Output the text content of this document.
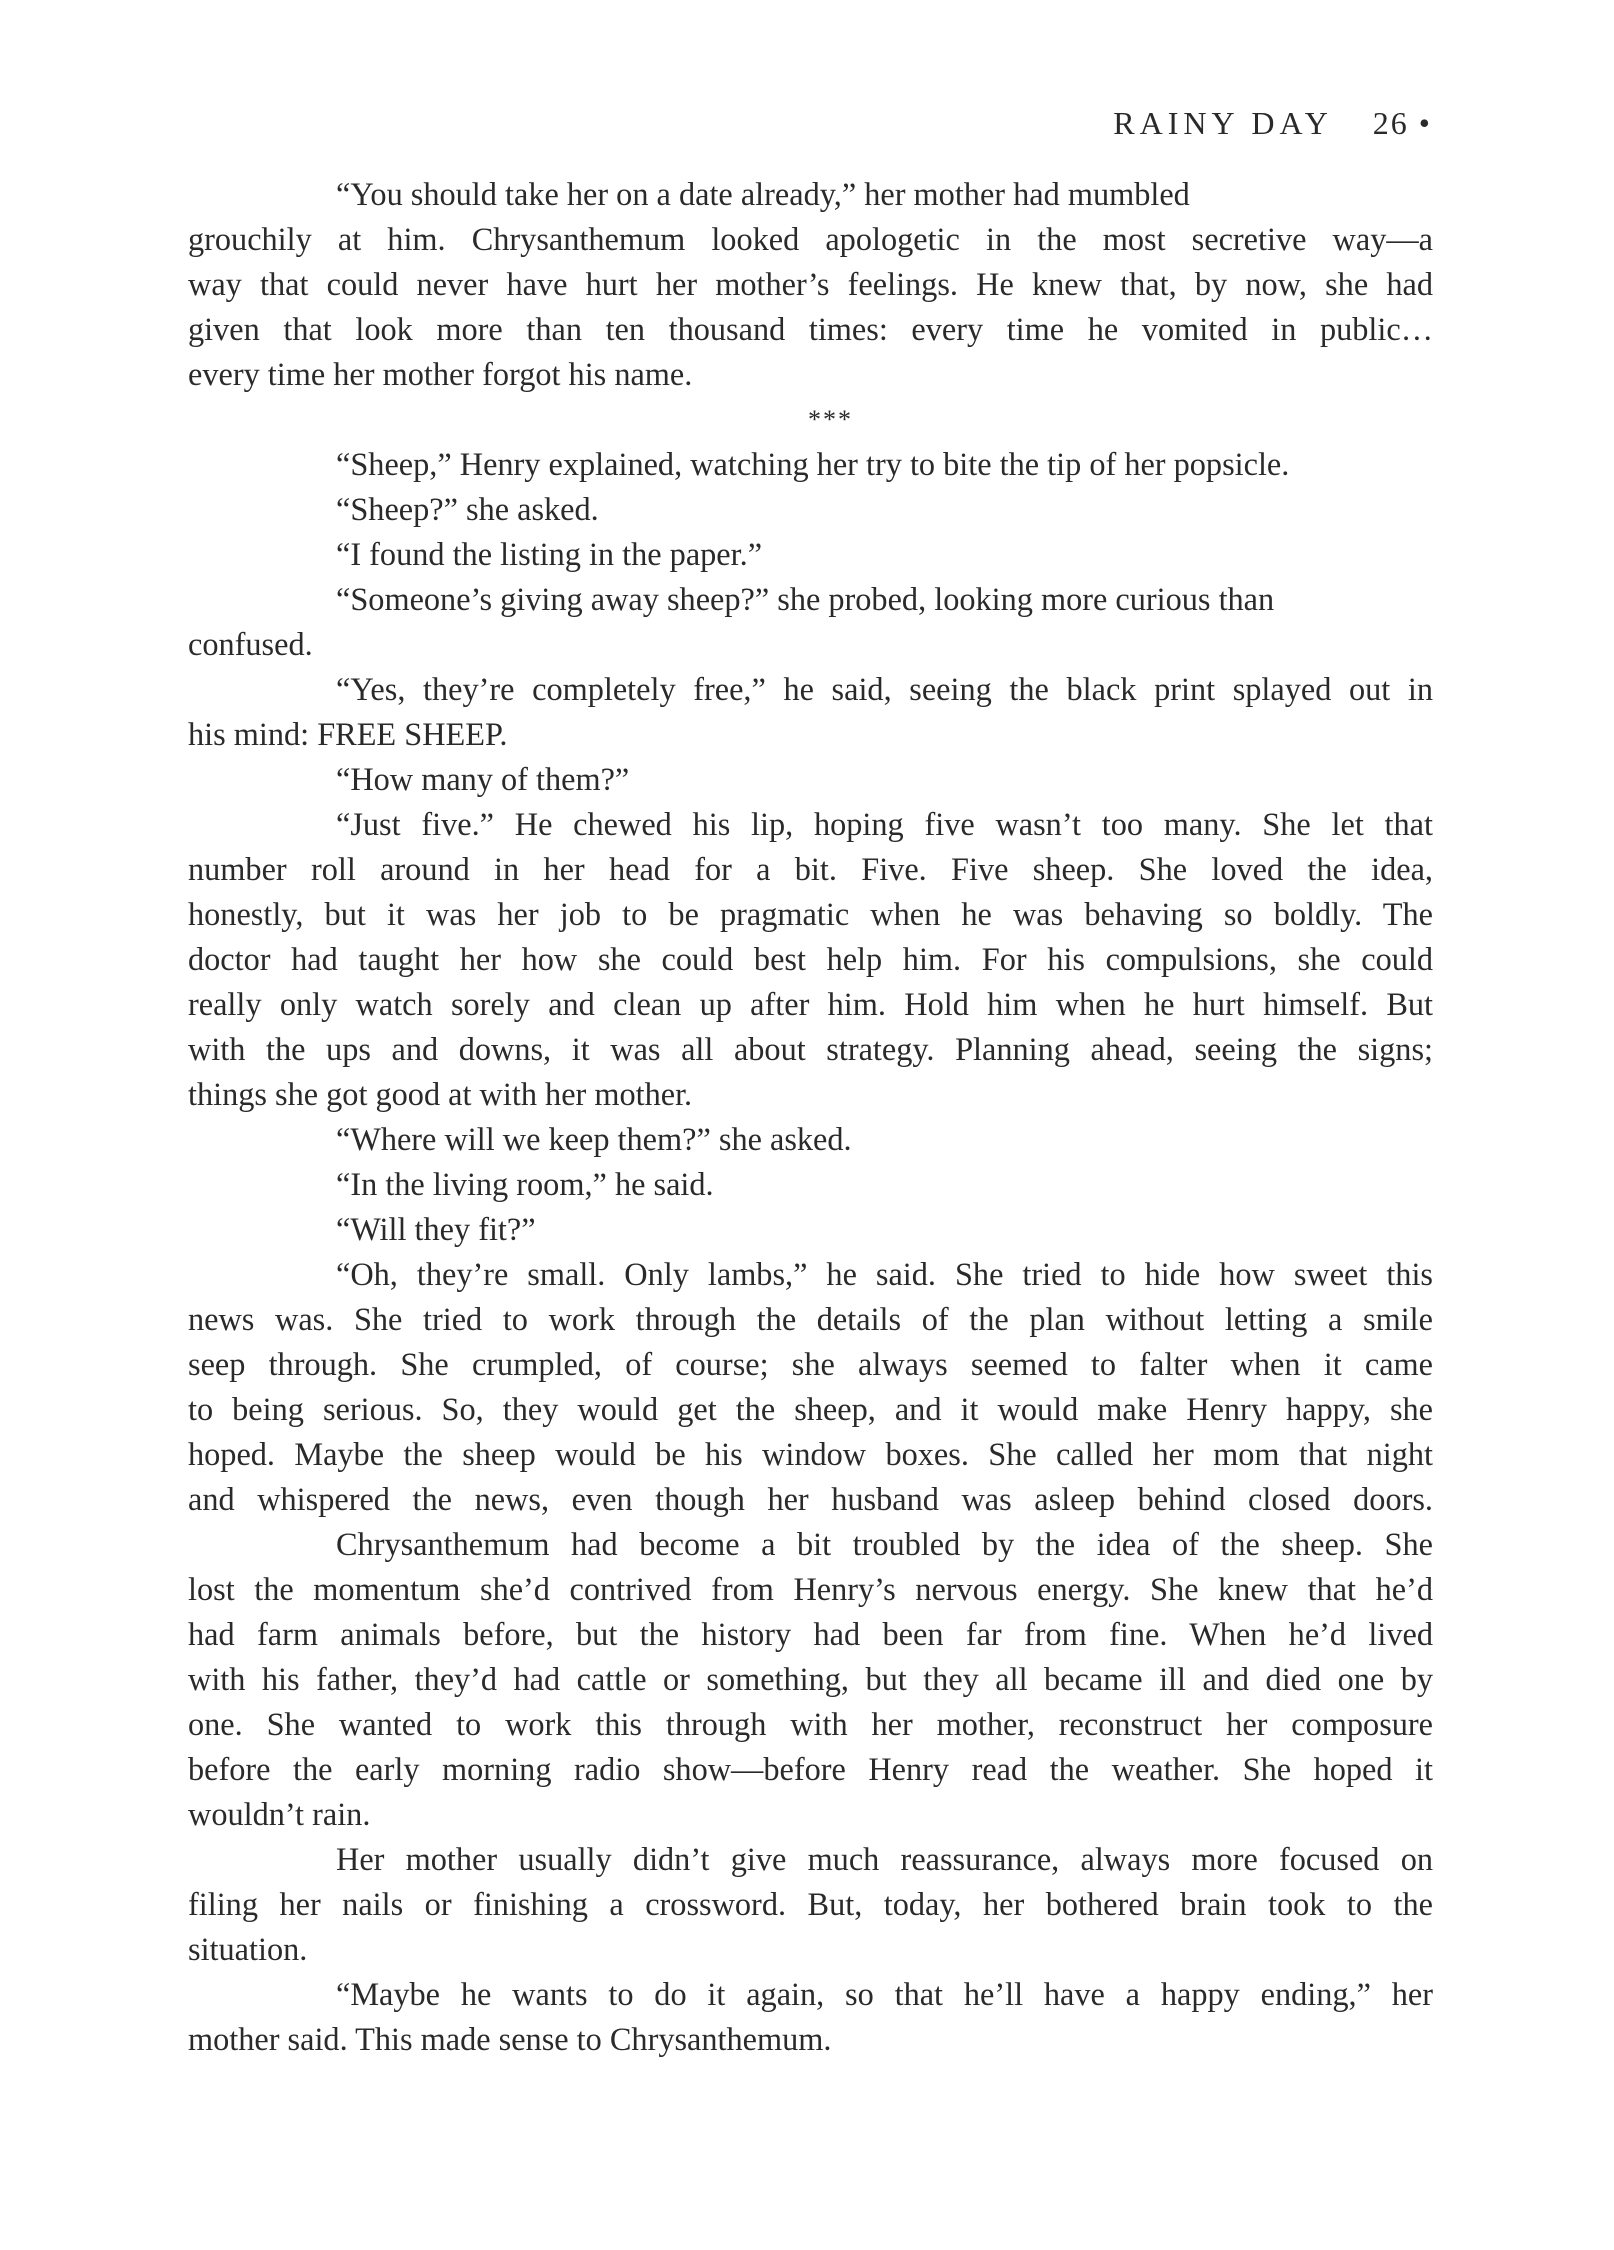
RAINY DAY 26 •
“You should take her on a date already,” her mother had mumbled
grouchily at him. Chrysanthemum looked apologetic in the most secretive way—a
way that could never have hurt her mother’s feelings. He knew that, by now, she had
given that look more than ten thousand times: every time he vomited in public…
every time her mother forgot his name.
***
“Sheep,” Henry explained, watching her try to bite the tip of her popsicle.
“Sheep?” she asked.
“I found the listing in the paper.”
“Someone’s giving away sheep?” she probed, looking more curious than
confused.
“Yes, they’re completely free,” he said, seeing the black print splayed out in
his mind: FREE SHEEP.
“How many of them?”
“Just five.” He chewed his lip, hoping five wasn’t too many. She let that
number roll around in her head for a bit. Five. Five sheep. She loved the idea,
honestly, but it was her job to be pragmatic when he was behaving so boldly. The
doctor had taught her how she could best help him. For his compulsions, she could
really only watch sorely and clean up after him. Hold him when he hurt himself. But
with the ups and downs, it was all about strategy. Planning ahead, seeing the signs;
things she got good at with her mother.
“Where will we keep them?” she asked.
“In the living room,” he said.
“Will they fit?”
“Oh, they’re small. Only lambs,” he said. She tried to hide how sweet this
news was. She tried to work through the details of the plan without letting a smile
seep through. She crumpled, of course; she always seemed to falter when it came
to being serious. So, they would get the sheep, and it would make Henry happy, she
hoped. Maybe the sheep would be his window boxes. She called her mom that night
and whispered the news, even though her husband was asleep behind closed doors.
Chrysanthemum had become a bit troubled by the idea of the sheep. She
lost the momentum she’d contrived from Henry’s nervous energy. She knew that he’d
had farm animals before, but the history had been far from fine. When he’d lived
with his father, they’d had cattle or something, but they all became ill and died one by
one. She wanted to work this through with her mother, reconstruct her composure
before the early morning radio show—before Henry read the weather. She hoped it
wouldn’t rain.
Her mother usually didn’t give much reassurance, always more focused on
filing her nails or finishing a crossword. But, today, her bothered brain took to the
situation.
“Maybe he wants to do it again, so that he’ll have a happy ending,” her
mother said. This made sense to Chrysanthemum.
